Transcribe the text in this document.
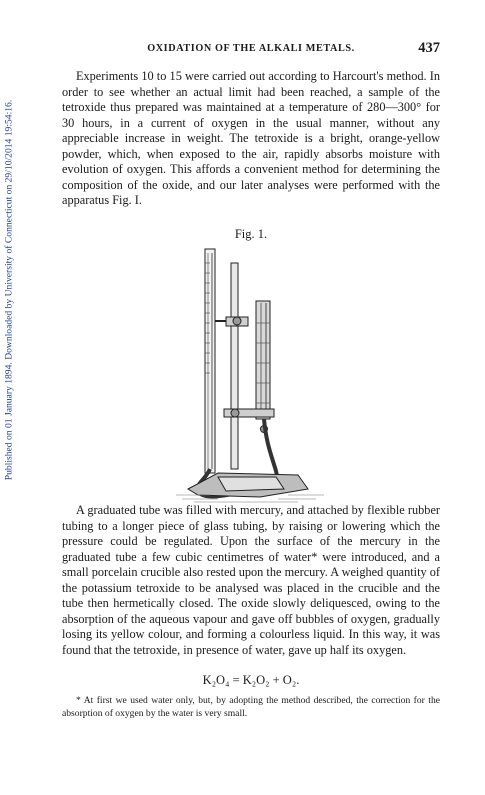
Published on 01 January 1894. Downloaded by University of Connecticut on 29/10/2014 19:54:16.
OXIDATION OF THE ALKALI METALS.	437

Experiments 10 to 15 were carried out according to Harcourt's method. In order to see whether an actual limit had been reached, a sample of the tetroxide thus prepared was maintained at a temperature of 280—300° for 30 hours, in a current of oxygen in the usual manner, without any appreciable increase in weight. The tetroxide is a bright, orange-yellow powder, which, when exposed to the air, rapidly absorbs moisture with evolution of oxygen. This affords a convenient method for determining the composition of the oxide, and our later analyses were performed with the apparatus Fig. I.

Fig. 1.

A graduated tube was filled with mercury, and attached by flexible rubber tubing to a longer piece of glass tubing, by raising or lowering which the pressure could be regulated. Upon the surface of the mercury in the graduated tube a few cubic centimetres of water* were introduced, and a small porcelain crucible also rested upon the mercury. A weighed quantity of the potassium tetroxide to be analysed was placed in the crucible and the tube then hermetically closed. The oxide slowly deliquesced, owing to the absorption of the aqueous vapour and gave off bubbles of oxygen, gradually losing its yellow colour, and forming a colourless liquid. In this way, it was found that the tetroxide, in presence of water, gave up half its oxygen.

K₂O₄ = K₂O₂ + O₂.

* At first we used water only, but, by adopting the method described, the correction for the absorption of oxygen by the water is very small.
